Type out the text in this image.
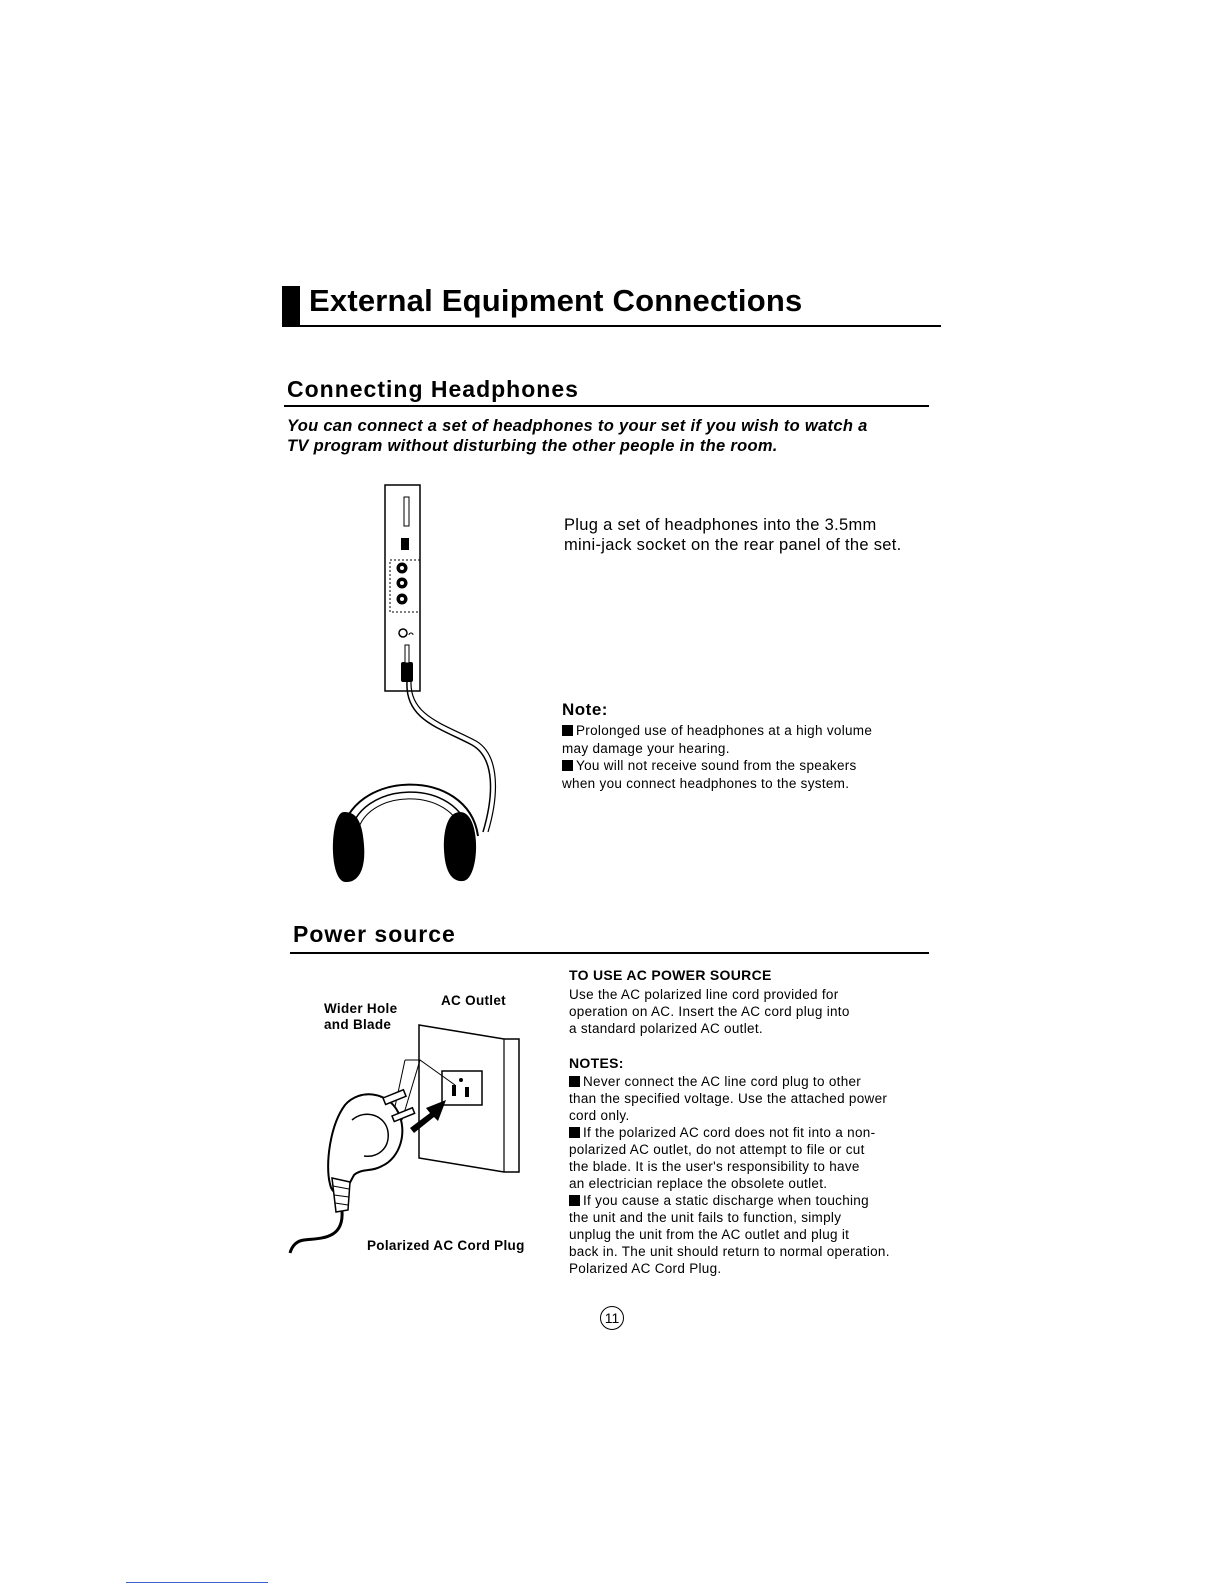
External Equipment Connections
Connecting Headphones
You can connect a set of headphones to your set if you wish to watch a
TV program without disturbing the other people in the room.
Plug a set of headphones into the 3.5mm
mini-jack socket on the rear panel of the set.
Note:
Prolonged use of headphones at a high volume
may damage your hearing.
You will not receive sound from the speakers
when you connect headphones to the system.
Power source
Wider Hole
and Blade
AC Outlet
Polarized AC Cord Plug
TO USE AC POWER SOURCE
Use the AC polarized line cord provided for
operation on AC. Insert the AC cord plug into
a standard polarized AC outlet.
NOTES:
Never connect the AC line cord plug to other
than the specified voltage. Use the attached power
cord only.
If the polarized AC cord does not fit into a non-
polarized AC outlet, do not attempt to file or cut
the blade. It is the user's responsibility to have
an electrician replace the obsolete outlet.
If you cause a static discharge when touching
the unit and the unit fails to function, simply
unplug the unit from the AC outlet and plug it
back in. The unit should return to normal operation.
Polarized AC Cord Plug.
11
